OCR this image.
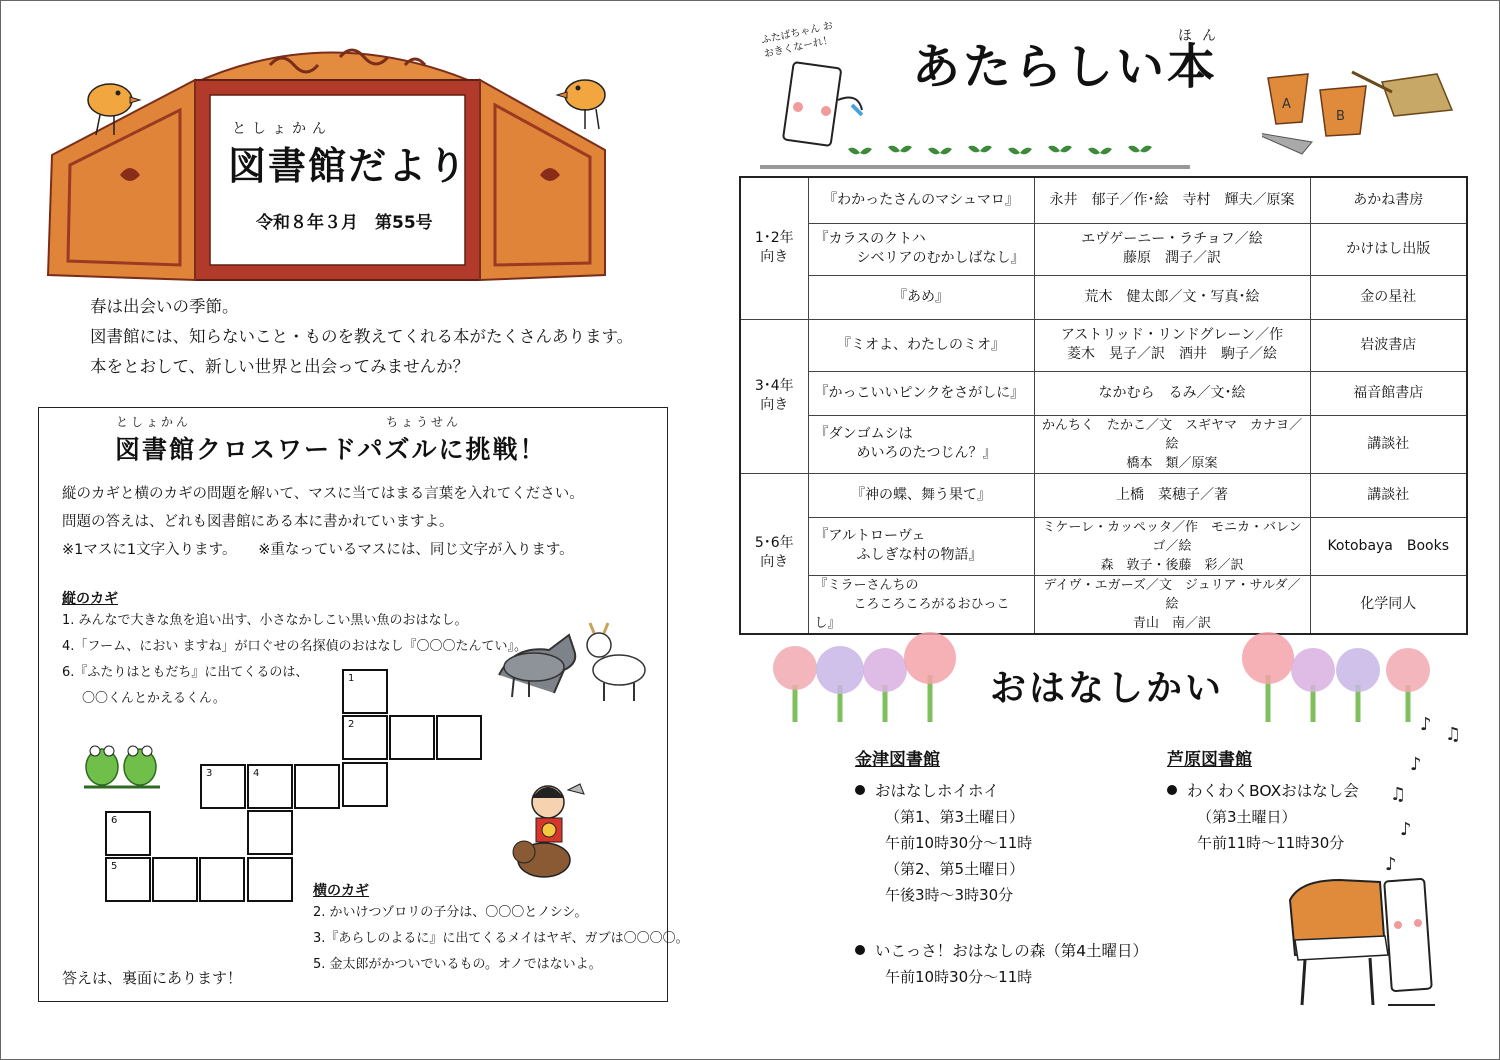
としょかん
図書館だより
令和８年３月　第55号
春は出会いの季節。
図書館には、知らないこと・ものを教えてくれる本がたくさんあります。
本をとおして、新しい世界と出会ってみませんか？
としょかん　　　　　　　　　　　　　ちょうせん
図書館クロスワードパズルに挑戦！
縦のカギと横のカギの問題を解いて、マスに当てはまる言葉を入れてください。
問題の答えは、どれも図書館にある本に書かれていますよ。
※1マスに1文字入ります。　　※重なっているマスには、同じ文字が入ります。
縦のカギ
1. みんなで大きな魚を追い出す、小さなかしこい黒い魚のおはなし。
4.「フーム、におい ますね」が口ぐせの名探偵のおはなし『〇〇〇たんてい』。
6.『ふたりはともだち』に出てくるのは、
〇〇くんとかえるくん。
1
2
3	4
6
5
横のカギ
2. かいけつゾロリの子分は、〇〇〇とノシシ。
3.『あらしのよるに』に出てくるメイはヤギ、ガブは〇〇〇〇。
5. 金太郎がかついでいるもの。オノではないよ。
答えは、裏面にあります！
ふたばちゃん おおきくなーれ！	ほん
あたらしい本
A
B
1･2年
向き	『わかったさんのマシュマロ』	永井　郁子／作･絵　寺村　輝夫／原案	あかね書房
	『カラスのクトハ
　　　シベリアのむかしばなし』	エヴゲーニー・ラチョフ／絵
藤原　潤子／訳	かけはし出版
	『あめ』	荒木　健太郎／文・写真･絵	金の星社
3･4年
向き	『ミオよ、わたしのミオ』	アストリッド・リンドグレーン／作
菱木　晃子／訳　酒井　駒子／絵	岩波書店
	『かっこいいピンクをさがしに』	なかむら　るみ／文･絵	福音館書店
	『ダンゴムシは
　　　めいろのたつじん？』	かんちく　たかこ／文　スギヤマ　カナヨ／絵
橋本　類／原案	講談社
5･6年
向き	『神の蝶、舞う果て』	上橋　菜穂子／著	講談社
	『アルトローヴェ
　　　ふしぎな村の物語』	ミケーレ・カッペッタ／作　モニカ・バレンゴ／絵
森　敦子・後藤　彩／訳	Kotobaya　Books
	『ミラーさんちの
　　　ころころころがるおひっこし』	デイヴ・エガーズ／文　ジュリア・サルダ／絵
青山　南／訳	化学同人
おはなしかい
金津図書館
おはなしホイホイ
（第1、第3土曜日）
午前10時30分～11時
（第2、第5土曜日）
午後3時～3時30分
いこっさ！おはなしの森（第4土曜日）
午前10時30分～11時
芦原図書館
わくわくBOXおはなし会
（第3土曜日）
午前11時～11時30分
♪ ♫
♪
♫
♪
♪
